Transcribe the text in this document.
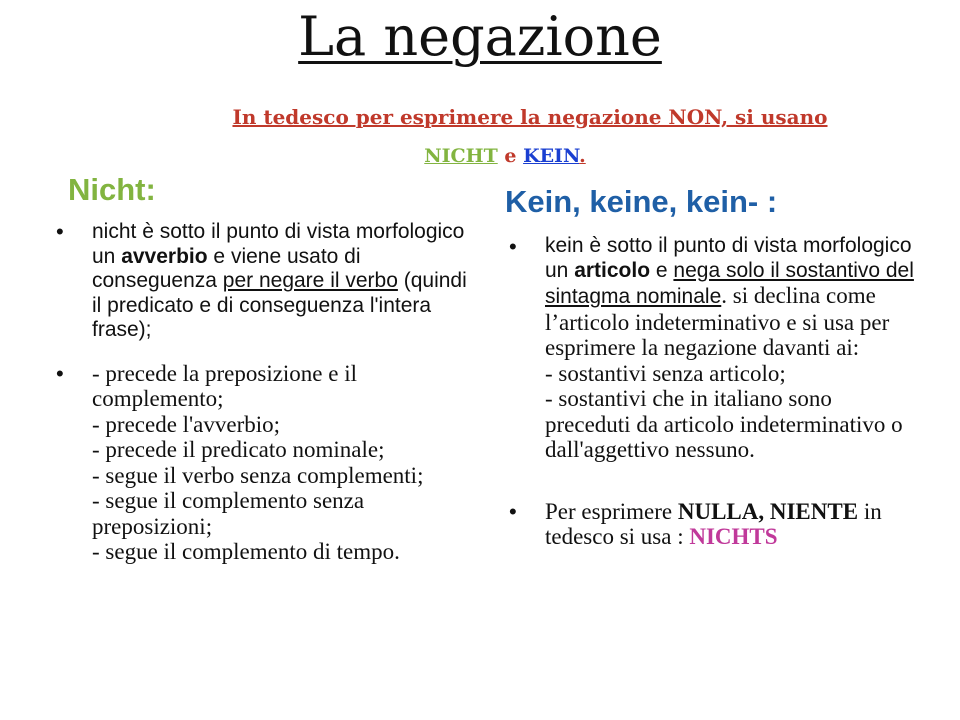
La negazione
In tedesco per esprimere la negazione NON, si usano
NICHT e KEIN.
Nicht:	Kein, keine, kein- :
• nicht è sotto il punto di vista morfologico un avverbio e viene usato di conseguenza per negare il verbo (quindi il predicato e di conseguenza l'intera frase);
• - precede la preposizione e il complemento;
- precede l'avverbio;
- precede il predicato nominale;
- segue il verbo senza complementi;
- segue il complemento senza preposizioni;
- segue il complemento di tempo.
• kein è sotto il punto di vista morfologico un articolo e nega solo il sostantivo del sintagma nominale. si declina come l’articolo indeterminativo e si usa per esprimere la negazione davanti ai:
- sostantivi senza articolo;
- sostantivi che in italiano sono preceduti da articolo indeterminativo o dall'aggettivo nessuno.
• Per esprimere NULLA, NIENTE in tedesco si usa : NICHTS
